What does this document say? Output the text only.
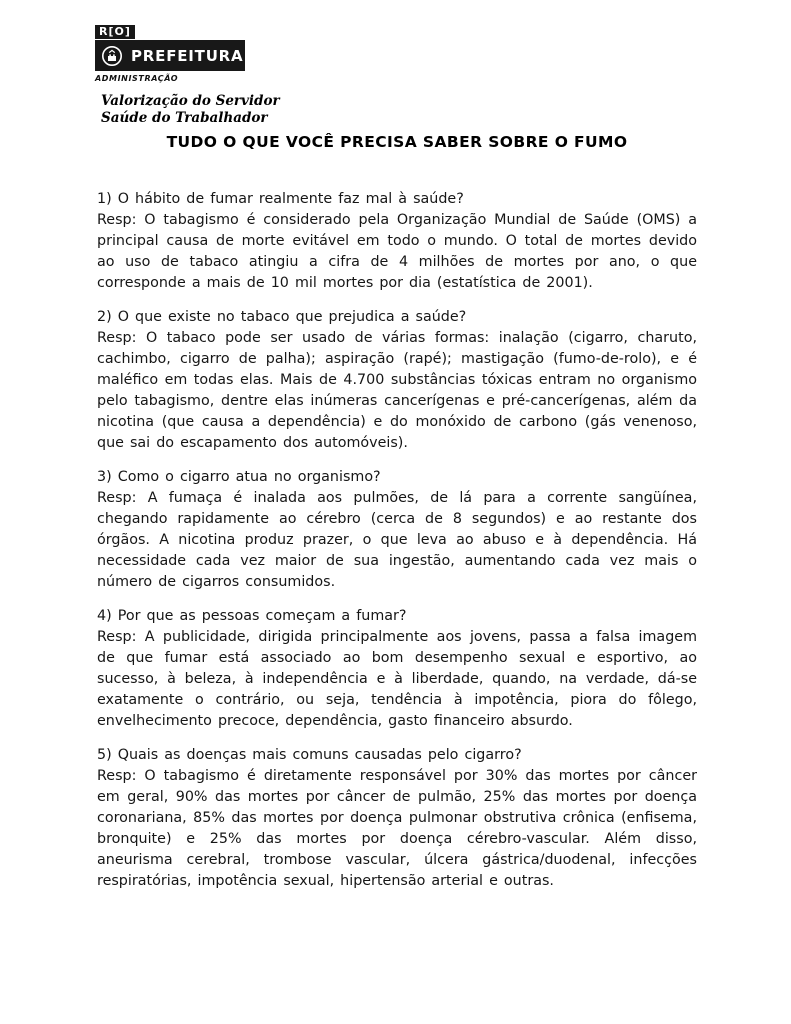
R[O]
PREFEITURA
ADMINISTRAÇÃO
Valorização do Servidor
Saúde do Trabalhador
TUDO O QUE VOCÊ PRECISA SABER SOBRE O FUMO

1) O hábito de fumar realmente faz mal à saúde?

Resp: O tabagismo é considerado pela Organização Mundial de Saúde (OMS) a principal causa de morte evitável em todo o mundo. O total de mortes devido ao uso de tabaco atingiu a cifra de 4 milhões de mortes por ano, o que corresponde a mais de 10 mil mortes por dia (estatística de 2001).

2) O que existe no tabaco que prejudica a saúde?

Resp: O tabaco pode ser usado de várias formas: inalação (cigarro, charuto, cachimbo, cigarro de palha); aspiração (rapé); mastigação (fumo-de-rolo), e é maléfico em todas elas. Mais de 4.700 substâncias tóxicas entram no organismo pelo tabagismo, dentre elas inúmeras cancerígenas e pré-cancerígenas, além da nicotina (que causa a dependência) e do monóxido de carbono (gás venenoso, que sai do escapamento dos automóveis).

3) Como o cigarro atua no organismo?

Resp: A fumaça é inalada aos pulmões, de lá para a corrente sangüínea, chegando rapidamente ao cérebro (cerca de 8 segundos) e ao restante dos órgãos. A nicotina produz prazer, o que leva ao abuso e à dependência. Há necessidade cada vez maior de sua ingestão, aumentando cada vez mais o número de cigarros consumidos.

4) Por que as pessoas começam a fumar?

Resp: A publicidade, dirigida principalmente aos jovens, passa a falsa imagem de que fumar está associado ao bom desempenho sexual e esportivo, ao sucesso, à beleza, à independência e à liberdade, quando, na verdade, dá-se exatamente o contrário, ou seja, tendência à impotência, piora do fôlego, envelhecimento precoce, dependência, gasto financeiro absurdo.

5) Quais as doenças mais comuns causadas pelo cigarro?

Resp: O tabagismo é diretamente responsável por 30% das mortes por câncer em geral, 90% das mortes por câncer de pulmão, 25% das mortes por doença coronariana, 85% das mortes por doença pulmonar obstrutiva crônica (enfisema, bronquite) e 25% das mortes por doença cérebro-vascular. Além disso, aneurisma cerebral, trombose vascular, úlcera gástrica/duodenal, infecções respiratórias, impotência sexual, hipertensão arterial e outras.
